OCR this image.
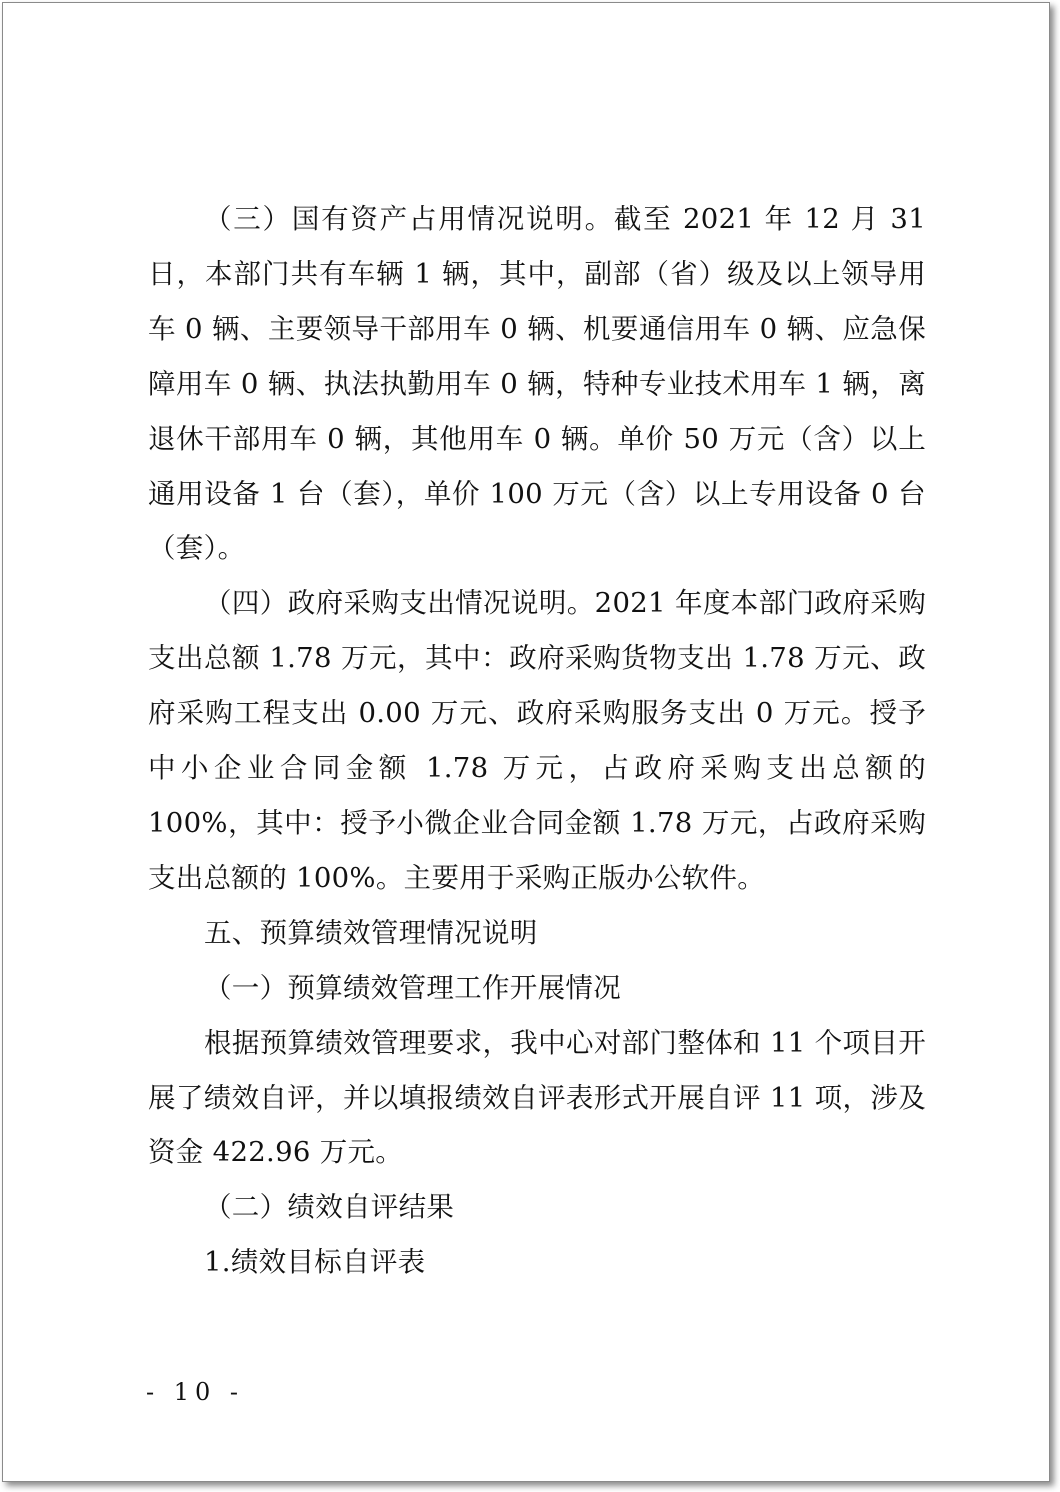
（三）国有资产占用情况说明。截至 2021 年 12 月 31 日，本部门共有车辆 1 辆，其中，副部（省）级及以上领导用车 0 辆、主要领导干部用车 0 辆、机要通信用车 0 辆、应急保障用车 0 辆、执法执勤用车 0 辆，特种专业技术用车 1 辆，离退休干部用车 0 辆，其他用车 0 辆。单价 50 万元（含）以上通用设备 1 台（套），单价 100 万元（含）以上专用设备 0 台（套）。

（四）政府采购支出情况说明。2021 年度本部门政府采购支出总额 1.78 万元，其中：政府采购货物支出 1.78 万元、政府采购工程支出 0.00 万元、政府采购服务支出 0 万元。授予中小企业合同金额 1.78 万元，占政府采购支出总额的 100%，其中：授予小微企业合同金额 1.78 万元，占政府采购支出总额的 100%。主要用于采购正版办公软件。

五、预算绩效管理情况说明

（一）预算绩效管理工作开展情况

根据预算绩效管理要求，我中心对部门整体和 11 个项目开展了绩效自评，并以填报绩效自评表形式开展自评 11 项，涉及资金 422.96 万元。

（二）绩效自评结果

1.绩效目标自评表

- 10 -
